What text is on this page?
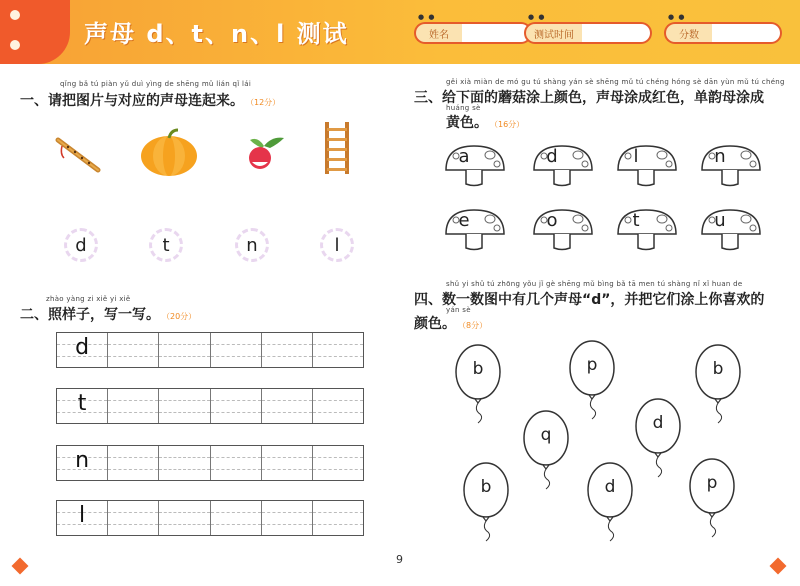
声母 d、t、n、l 测试
● ●
姓名
● ●
测试时间
● ●
分数
qǐng bǎ tú piàn yǔ duì yìng de shēng mǔ lián qǐ lái
一、请把图片与对应的声母连起来。 （12分）
d	t	n	l
zhào yàng zi xiě yi xiě
二、照样子，写一写。 （20分）
d
t
n
l
gěi xià miàn de mó gu tú shàng yán sè shēng mǔ tú chéng hóng sè dān yùn mǔ tú chéng
三、给下面的蘑菇涂上颜色，声母涂成红色，单韵母涂成
huáng sè
黄色。 （16分）
a	d	l	n
e	o	t	u
shǔ yi shǔ tú zhōng yǒu jǐ gè shēng mǔ bìng bǎ tā men tú shàng nǐ xǐ huan de
四、数一数图中有几个声母“d”，并把它们涂上你喜欢的
yán sè
颜色。 （8分）
b	p	b
q
d
b	d	p
9
